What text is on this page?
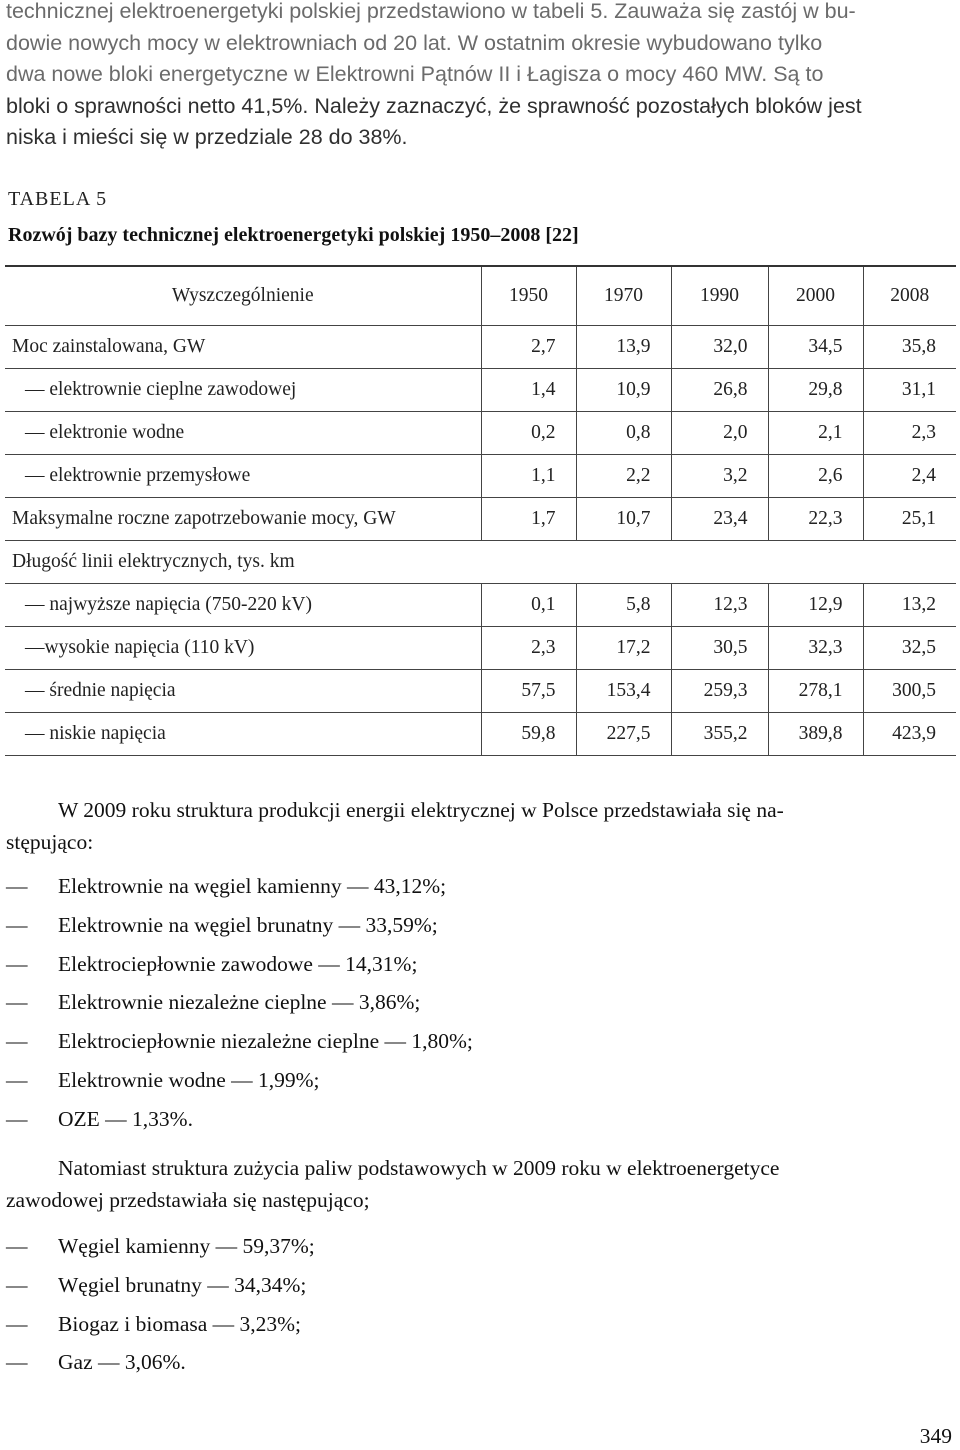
technicznej elektroenergetyki polskiej przedstawiono w tabeli 5. Zauważa się zastój w bu-
dowie nowych mocy w elektrowniach od 20 lat. W ostatnim okresie wybudowano tylko
dwa nowe bloki energetyczne w Elektrowni Pątnów II i Łagisza o mocy 460 MW. Są to
bloki o sprawności netto 41,5%. Należy zaznaczyć, że sprawność pozostałych bloków jest
niska i mieści się w przedziale 28 do 38%.
TABELA 5
Rozwój bazy technicznej elektroenergetyki polskiej 1950–2008 [22]
Wyszczególnienie	1950	1970	1990	2000	2008
Moc zainstalowana, GW	2,7	13,9	32,0	34,5	35,8
— elektrownie cieplne zawodowej	1,4	10,9	26,8	29,8	31,1
— elektronie wodne	0,2	0,8	2,0	2,1	2,3
— elektrownie przemysłowe	1,1	2,2	3,2	2,6	2,4
Maksymalne roczne zapotrzebowanie mocy, GW	1,7	10,7	23,4	22,3	25,1
Długość linii elektrycznych, tys. km					
— najwyższe napięcia (750-220 kV)	0,1	5,8	12,3	12,9	13,2
—wysokie napięcia (110 kV)	2,3	17,2	30,5	32,3	32,5
— średnie napięcia	57,5	153,4	259,3	278,1	300,5
— niskie napięcia	59,8	227,5	355,2	389,8	423,9
W 2009 roku struktura produkcji energii elektrycznej w Polsce przedstawiała się na-
stępująco:
— Elektrownie na węgiel kamienny — 43,12%;
— Elektrownie na węgiel brunatny — 33,59%;
— Elektrociepłownie zawodowe — 14,31%;
— Elektrownie niezależne cieplne — 3,86%;
— Elektrociepłownie niezależne cieplne — 1,80%;
— Elektrownie wodne — 1,99%;
— OZE — 1,33%.
Natomiast struktura zużycia paliw podstawowych w 2009 roku w elektroenergetyce
zawodowej przedstawiała się następująco;
— Węgiel kamienny — 59,37%;
— Węgiel brunatny — 34,34%;
— Biogaz i biomasa — 3,23%;
— Gaz — 3,06%.
349
